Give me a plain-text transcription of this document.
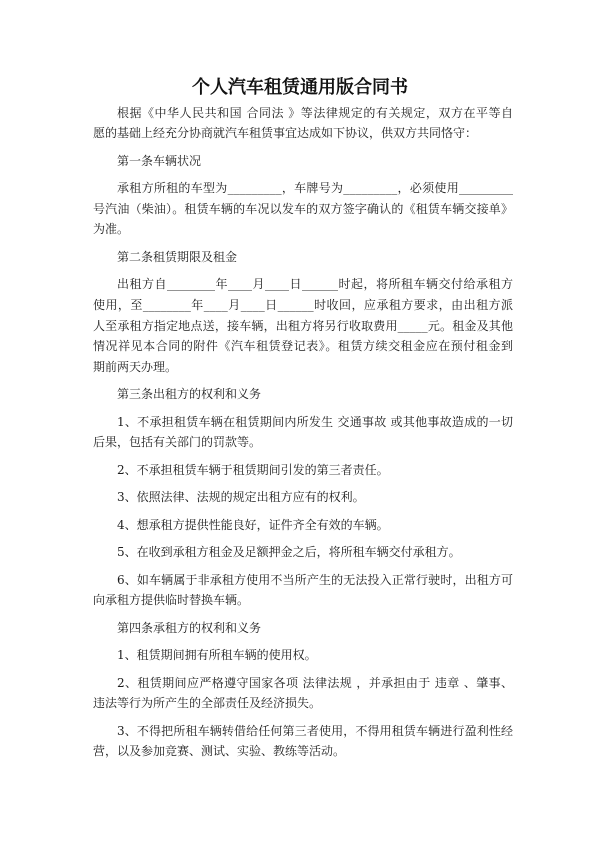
个人汽车租赁通用版合同书

根据《中华人民共和国 合同法 》等法律规定的有关规定，双方在平等自
愿的基础上经充分协商就汽车租赁事宜达成如下协议，供双方共同恪守：

第一条车辆状况

承租方所租的车型为_________，车牌号为_________，必须使用_________
号汽油（柴油）。租赁车辆的车况以发车的双方签字确认的《租赁车辆交接单》
为准。

第二条租赁期限及租金

出租方自________年____月____日______时起，将所租车辆交付给承租方
使用，至________年____月____日______时收回，应承租方要求，由出租方派
人至承租方指定地点送，接车辆，出租方将另行收取费用_____元。租金及其他
情况祥见本合同的附件《汽车租赁登记表》。租赁方续交租金应在预付租金到
期前两天办理。

第三条出租方的权利和义务

1、不承担租赁车辆在租赁期间内所发生 交通事故 或其他事故造成的一切
后果，包括有关部门的罚款等。

2、不承担租赁车辆于租赁期间引发的第三者责任。

3、依照法律、法规的规定出租方应有的权利。

4、想承租方提供性能良好，证件齐全有效的车辆。

5、在收到承租方租金及足额押金之后，将所租车辆交付承租方。

6、如车辆属于非承租方使用不当所产生的无法投入正常行驶时，出租方可
向承租方提供临时替换车辆。

第四条承租方的权利和义务

1、租赁期间拥有所租车辆的使用权。

2、租赁期间应严格遵守国家各项 法律法规 ，并承担由于 违章 、肇事、
违法等行为所产生的全部责任及经济损失。

3、不得把所租车辆转借给任何第三者使用，不得用租赁车辆进行盈利性经
营，以及参加竞赛、测试、实验、教练等活动。
